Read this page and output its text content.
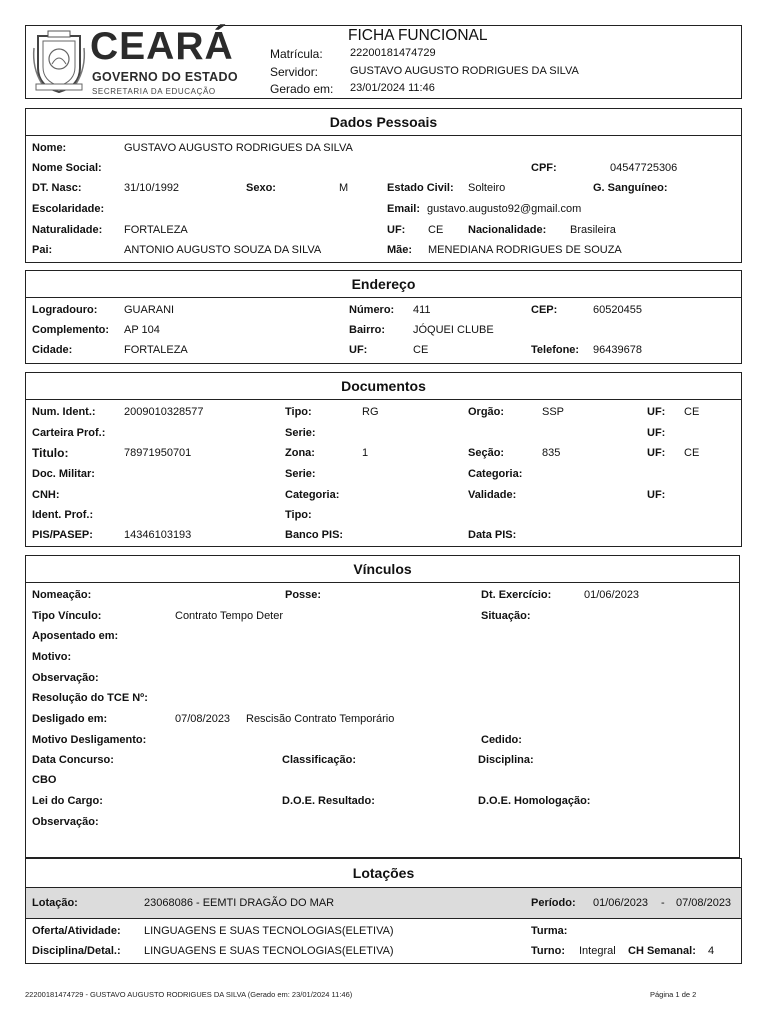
CEARÁ
GOVERNO DO ESTADO
SECRETARIA DA EDUCAÇÃO
FICHA FUNCIONAL
Matrícula: 22200181474729
Servidor:	GUSTAVO AUGUSTO RODRIGUES DA SILVA
Gerado em: 23/01/2024 11:46
Dados Pessoais
Nome:	GUSTAVO AUGUSTO RODRIGUES DA SILVA
Nome Social:	CPF:	04547725306
DT. Nasc:	31/10/1992	Sexo:	M	Estado Civil: Solteiro	G. Sanguíneo:
Escolaridade:	Email: gustavo.augusto92@gmail.com
Naturalidade: FORTALEZA	UF: CE Nacionalidade: Brasileira
Pai:	ANTONIO AUGUSTO SOUZA DA SILVA	Mãe: MENEDIANA RODRIGUES DE SOUZA
Endereço
Logradouro: GUARANI	Número: 411	CEP:	60520455
Complemento: AP 104	Bairro:	JÓQUEI CLUBE
Cidade:	FORTALEZA	UF:	CE	Telefone: 96439678
Documentos
Num. Ident.:	2009010328577	Tipo:	RG	Orgão:	SSP	UF: CE
Carteira Prof.:	Serie:	UF:
Titulo:	78971950701	Zona:	1	Seção:	835	UF: CE
Doc. Militar:	Serie:	Categoria:
CNH:	Categoria:	Validade:	UF:
Ident. Prof.:	Tipo:
PIS/PASEP:	14346103193	Banco PIS:	Data PIS:
Vínculos
Nomeação:	Posse:	Dt. Exercício:	01/06/2023
Tipo Vínculo:	Contrato Tempo Deter	Situação:
Aposentado em:
Motivo:
Observação:
Resolução do TCE Nº:
Desligado em:	07/08/2023 Rescisão Contrato Temporário
Motivo Desligamento:	Cedido:
Data Concurso:	Classificação:	Disciplina:
CBO
Lei do Cargo:	D.O.E. Resultado:	D.O.E. Homologação:
Observação:
Lotações
Lotação:	23068086 - EEMTI DRAGÃO DO MAR	Período: 01/06/2023 - 07/08/2023
Oferta/Atividade: LINGUAGENS E SUAS TECNOLOGIAS(ELETIVA)	Turma:
Disciplina/Detal.: LINGUAGENS E SUAS TECNOLOGIAS(ELETIVA)	Turno: Integral CH Semanal: 4
22200181474729 - GUSTAVO AUGUSTO RODRIGUES DA SILVA (Gerado em: 23/01/2024 11:46)	Página 1 de 2
